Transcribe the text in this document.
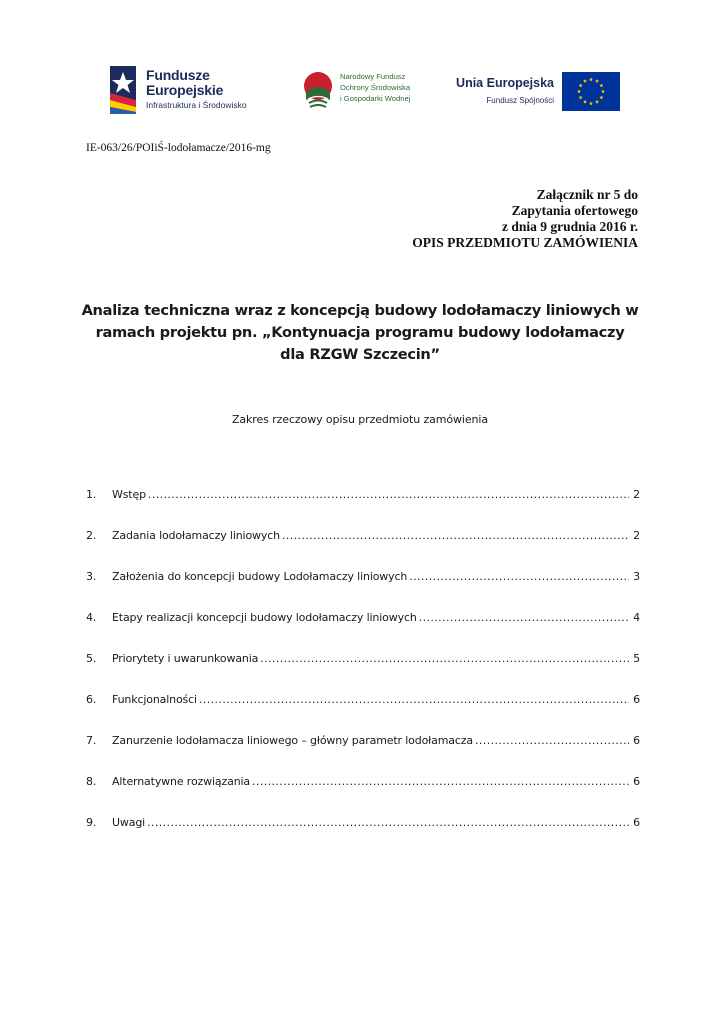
Fundusze
Europejskie
Infrastruktura i Środowisko
Narodowy Fundusz
Ochrony Środowiska
i Gospodarki Wodnej
Unia Europejska
Fundusz Spójności
IE-063/26/POIiŚ-lodołamacze/2016-mg
Załącznik nr 5 do
Zapytania ofertowego
z dnia 9 grudnia 2016 r.
OPIS PRZEDMIOTU ZAMÓWIENIA
Analiza techniczna wraz z koncepcją budowy lodołamaczy liniowych w
ramach projektu pn. „Kontynuacja programu budowy lodołamaczy
dla RZGW Szczecin”
Zakres rzeczowy opisu przedmiotu zamówienia
1.	Wstęp .....	2
2.	Zadania lodołamaczy liniowych .....	2
3.	Założenia do koncepcji budowy Lodołamaczy liniowych .....	3
4.	Etapy realizacji koncepcji budowy lodołamaczy liniowych .....	4
5.	Priorytety i uwarunkowania .....	5
6.	Funkcjonalności .....	6
7.	Zanurzenie lodołamacza liniowego – główny parametr lodołamacza .....	6
8.	Alternatywne rozwiązania .....	6
9.	Uwagi .....	6
